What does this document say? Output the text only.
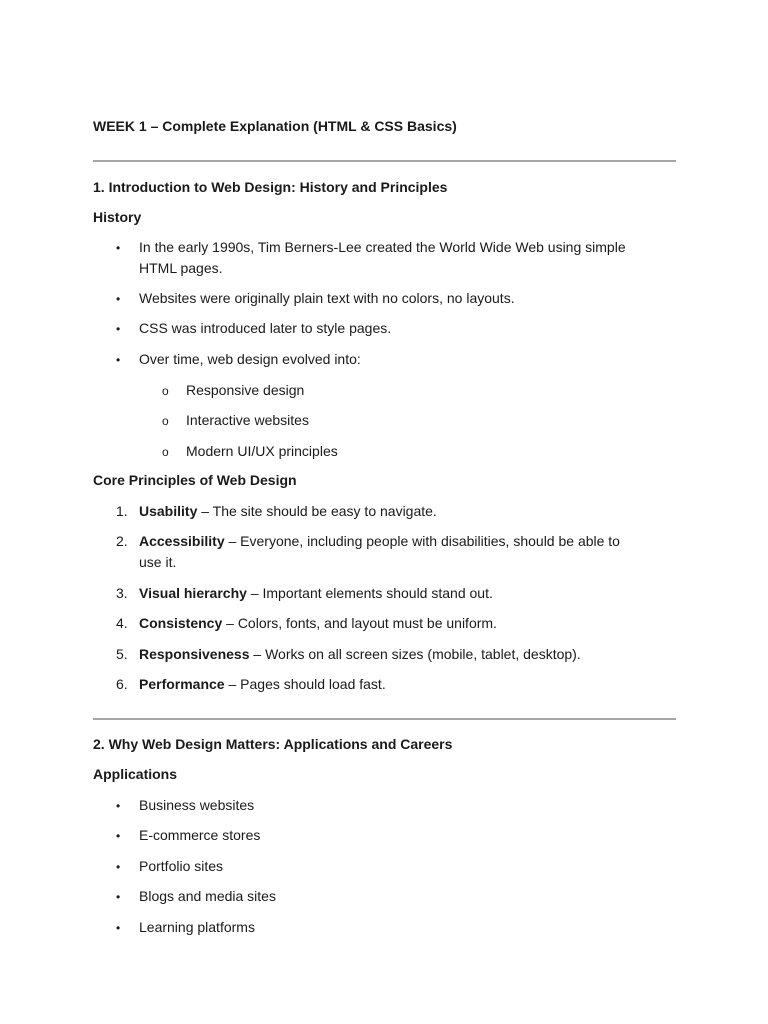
WEEK 1 – Complete Explanation (HTML & CSS Basics)
1. Introduction to Web Design: History and Principles
History
• In the early 1990s, Tim Berners-Lee created the World Wide Web using simple
HTML pages.
• Websites were originally plain text with no colors, no layouts.
• CSS was introduced later to style pages.
• Over time, web design evolved into:
o Responsive design
o Interactive websites
o Modern UI/UX principles
Core Principles of Web Design
1. Usability – The site should be easy to navigate.
2. Accessibility – Everyone, including people with disabilities, should be able to
use it.
3. Visual hierarchy – Important elements should stand out.
4. Consistency – Colors, fonts, and layout must be uniform.
5. Responsiveness – Works on all screen sizes (mobile, tablet, desktop).
6. Performance – Pages should load fast.
2. Why Web Design Matters: Applications and Careers
Applications
• Business websites
• E-commerce stores
• Portfolio sites
• Blogs and media sites
• Learning platforms
